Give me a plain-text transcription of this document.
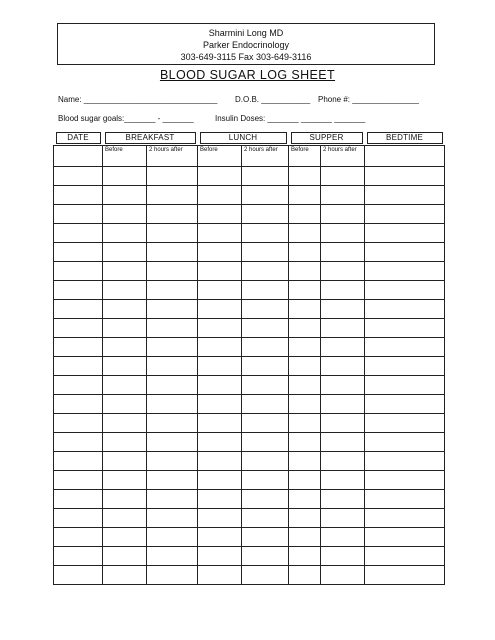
Sharmini Long MD
Parker Endocrinology
303-649-3115 Fax 303-649-3116
BLOOD SUGAR LOG SHEET
Name: ______________________________ D.O.B. ___________ Phone #: _______________
Blood sugar goals:_______ - _______	Insulin Doses: _______ _______ _______
DATE	BREAKFAST		LUNCH		SUPPER		BEDTIME

	Before	2 hours after	Before	2 hours after	Before	2 hours after	
